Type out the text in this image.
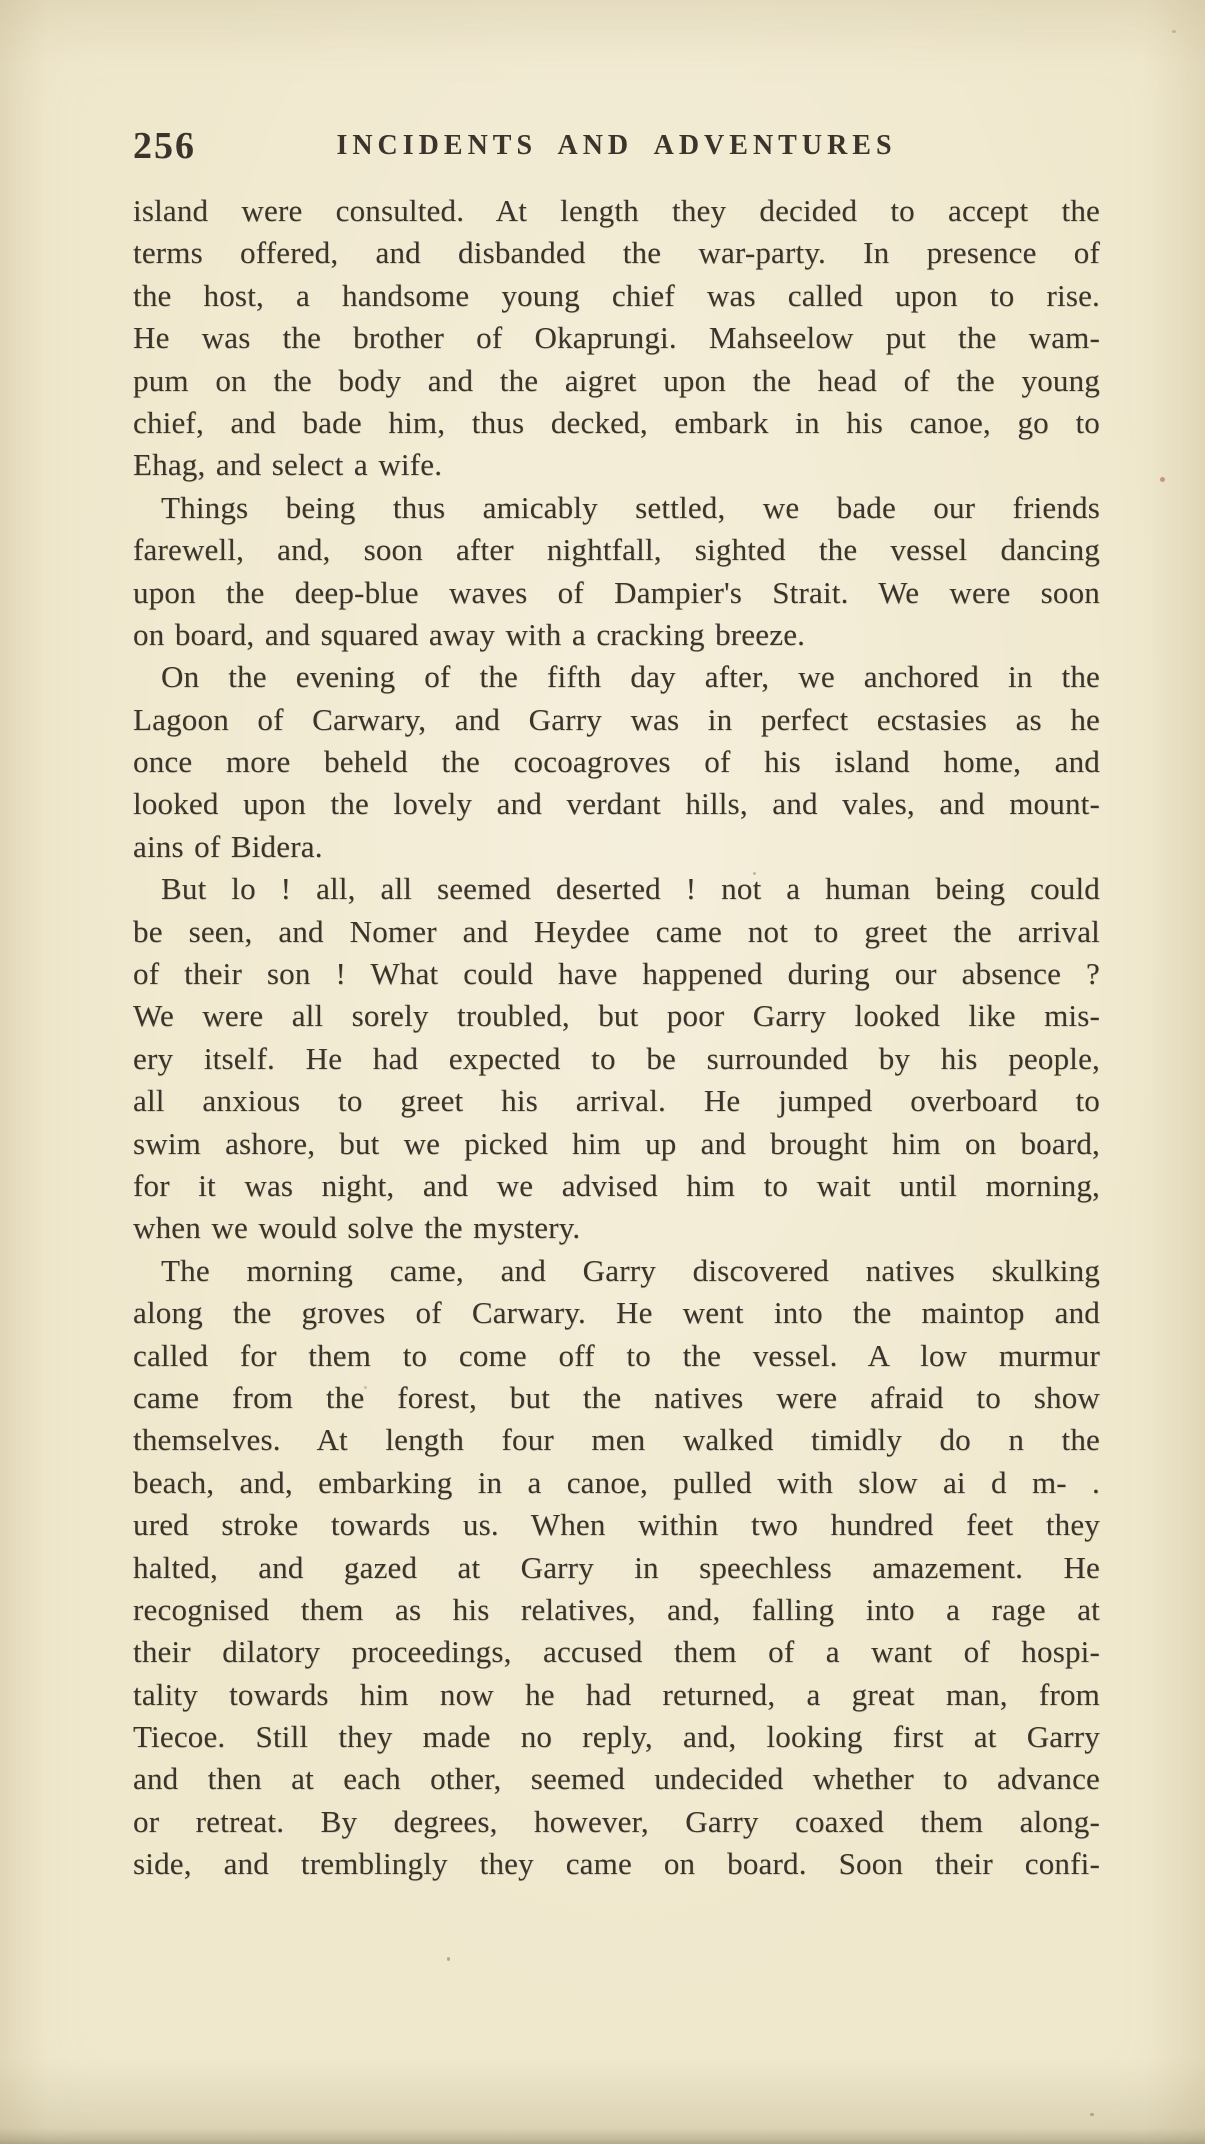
256	INCIDENTS AND ADVENTURES
island were consulted. At length they decided to accept the
terms offered, and disbanded the war-party. In presence of
the host, a handsome young chief was called upon to rise.
He was the brother of Okaprungi. Mahseelow put the wam-
pum on the body and the aigret upon the head of the young
chief, and bade him, thus decked, embark in his canoe, go to
Ehag, and select a wife.
Things being thus amicably settled, we bade our friends
farewell, and, soon after nightfall, sighted the vessel dancing
upon the deep-blue waves of Dampier's Strait. We were soon
on board, and squared away with a cracking breeze.
On the evening of the fifth day after, we anchored in the
Lagoon of Carwary, and Garry was in perfect ecstasies as he
once more beheld the cocoagroves of his island home, and
looked upon the lovely and verdant hills, and vales, and mount-
ains of Bidera.
But lo ! all, all seemed deserted ! not a human being could
be seen, and Nomer and Heydee came not to greet the arrival
of their son ! What could have happened during our absence ?
We were all sorely troubled, but poor Garry looked like mis-
ery itself. He had expected to be surrounded by his people,
all anxious to greet his arrival. He jumped overboard to
swim ashore, but we picked him up and brought him on board,
for it was night, and we advised him to wait until morning,
when we would solve the mystery.
The morning came, and Garry discovered natives skulking
along the groves of Carwary. He went into the maintop and
called for them to come off to the vessel. A low murmur
came from the forest, but the natives were afraid to show
themselves. At length four men walked timidly do n the
beach, and, embarking in a canoe, pulled with slow ai d m- .
ured stroke towards us. When within two hundred feet they
halted, and gazed at Garry in speechless amazement. He
recognised them as his relatives, and, falling into a rage at
their dilatory proceedings, accused them of a want of hospi-
tality towards him now he had returned, a great man, from
Tiecoe. Still they made no reply, and, looking first at Garry
and then at each other, seemed undecided whether to advance
or retreat. By degrees, however, Garry coaxed them along-
side, and tremblingly they came on board. Soon their confi-
